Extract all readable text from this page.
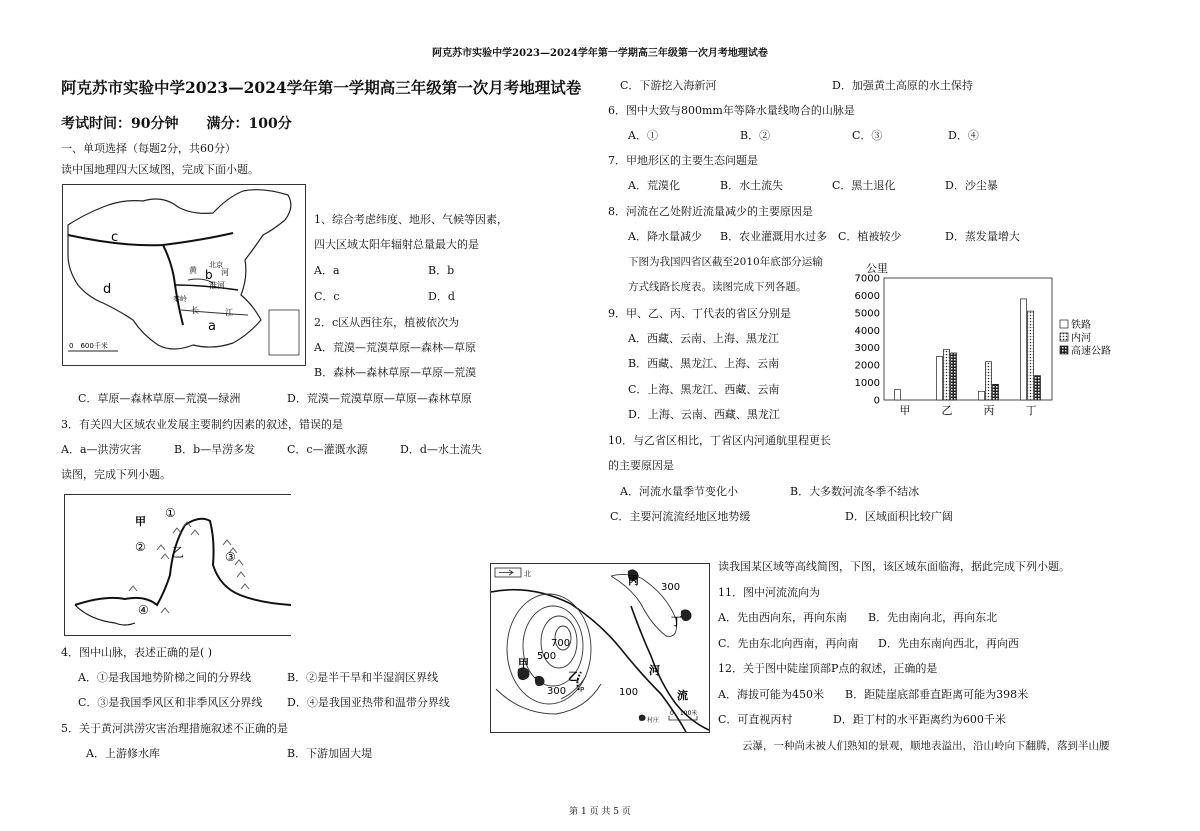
阿克苏市实验中学2023—2024学年第一学期高三年级第一次月考地理试卷
阿克苏市实验中学2023—2024学年第一学期高三年级第一次月考地理试卷
考试时间：90分钟　　满分：100分
一、单项选择（每题2分，共60分）
读中国地理四大区域图，完成下面小题。
c
d
b
a
北京
黄	河
淮河
秦岭
长	江
0　600千米
1、综合考虑纬度、地形、气候等因素，
四大区域太阳年辐射总量最大的是
A．a	B．b
C．c	D．d
2．c区从西往东，植被依次为
A．荒漠—荒漠草原—森林—草原
B．森林—森林草原—草原—荒漠
C．草原—森林草原—荒漠—绿洲	D．荒漠—荒漠草原—草原—森林草原
3．有关四大区域农业发展主要制约因素的叙述，错误的是
A．a—洪涝灾害	B．b—旱涝多发	C．c—灌溉水源	D．d—水土流失
读图，完成下列小题。
甲
乙
①
②
③
④
4．图中山脉，表述正确的是( )
A．①是我国地势阶梯之间的分界线	B．②是半干旱和半湿润区界线
C．③是我国季风区和非季风区分界线 D．④是我国亚热带和温带分界线
5．关于黄河洪涝灾害治理措施叙述不正确的是
A．上游修水库	B．下游加固大堤
C．下游挖入海新河	D．加强黄土高原的水土保持
6．图中大致与800mm年等降水量线吻合的山脉是
A．①	B．②	C．③	D．④
7．甲地形区的主要生态问题是
A．荒漠化	B．水土流失	C．黑土退化	D．沙尘暴
8．河流在乙处附近流量减少的主要原因是
A．降水量减少 B．农业灌溉用水过多 C．植被较少	D．蒸发量增大
下图为我国四省区截至2010年底部分运输
方式线路长度表。读图完成下列各题。
公里
0
1000
2000
3000
4000
5000
6000
7000
甲	乙	丙	丁
铁路
内河
高速公路
9．甲、乙、丙、丁代表的省区分别是
A．西藏、云南、上海、黑龙江
B．西藏、黑龙江、上海、云南
C．上海、黑龙江、西藏、云南
D．上海、云南、西藏、黑龙江
10．与乙省区相比，丁省区内河通航里程更长
的主要原因是
A．河流水量季节变化小	B．大多数河流冬季不结冰
C．主要河流流经地区地势缓	D．区域面积比较广阔
北	丙
丁
甲
乙
P
300
700
500
300	100
河
流
村庄
0　100米
读我国某区域等高线简图，下图，该区域东面临海，据此完成下列小题。
11．图中河流流向为
A．先由西向东，再向东南 B．先由南向北，再向东北
C．先由东北向西南，再向南 D．先由东南向西北，再向西
12．关于图中陡崖顶部P点的叙述，正确的是
A．海拔可能为450米 B．距陡崖底部垂直距离可能为398米
C．可直视丙村	D．距丁村的水平距离约为600千米
云瀑，一种尚未被人们熟知的景观，顺地表溢出，沿山岭向下翻腾，落到半山腰
第 1 页 共 5 页
